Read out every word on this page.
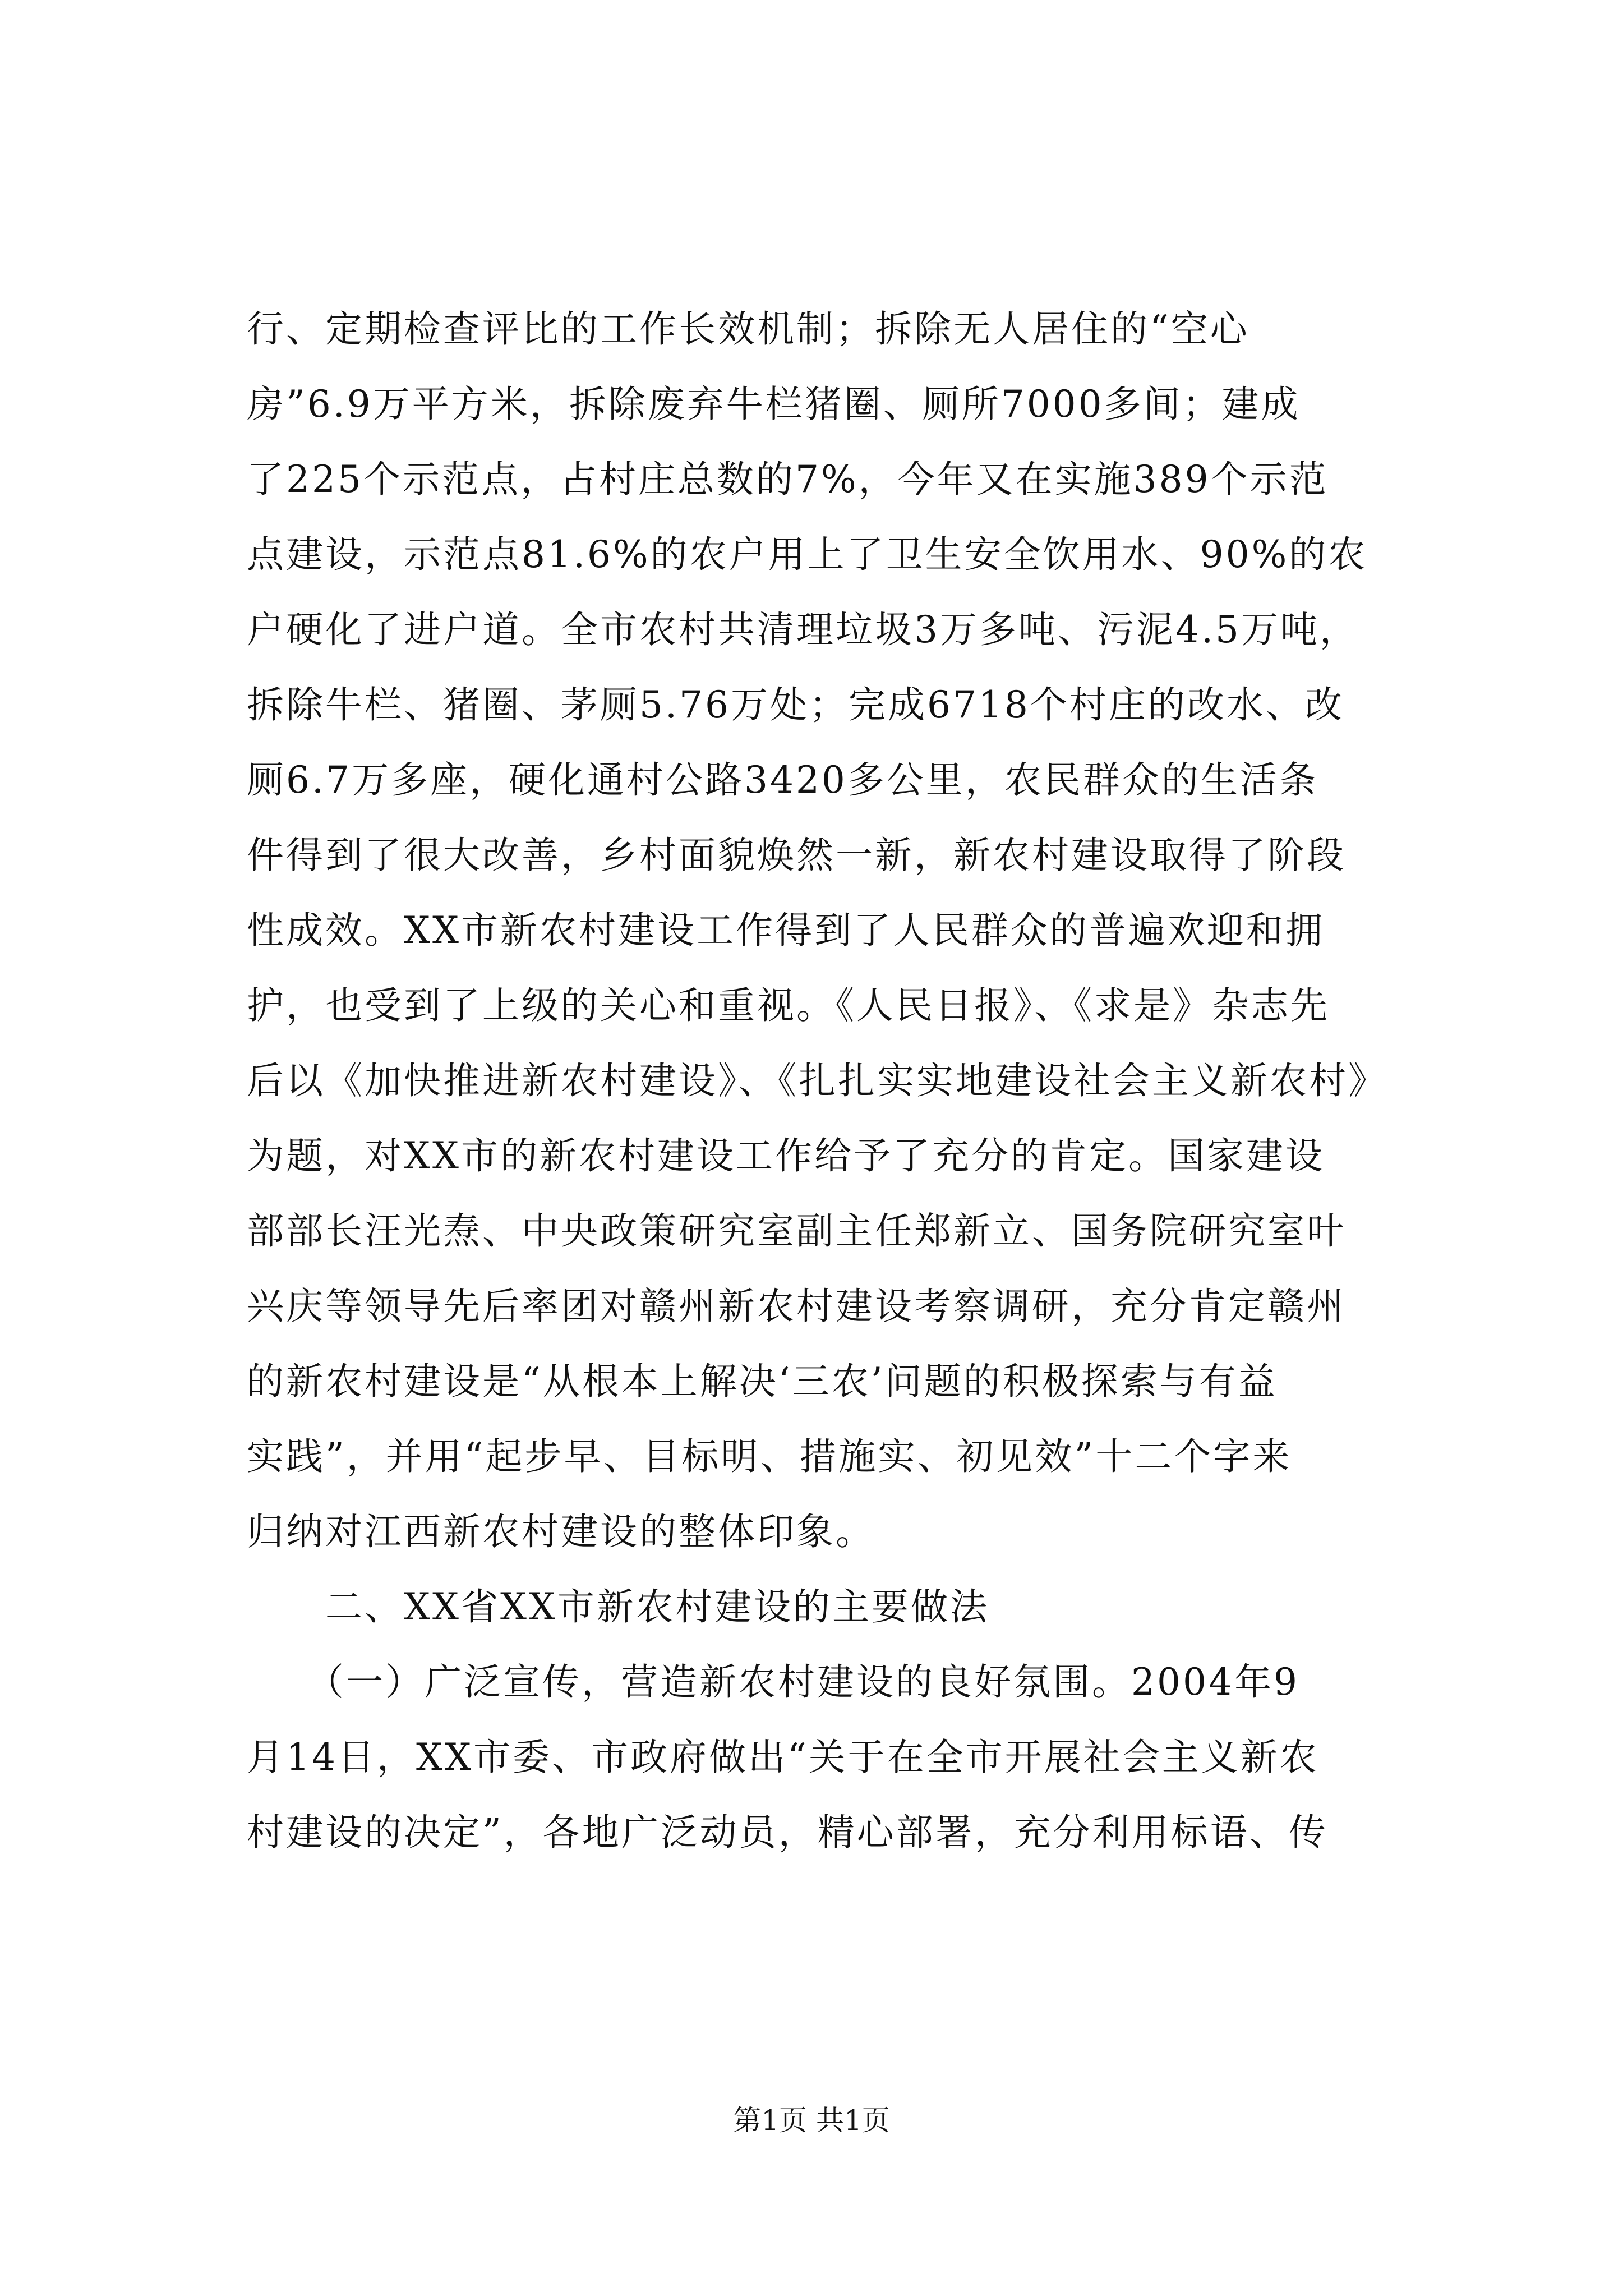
行、定期检查评比的工作长效机制；拆除无人居住的“空心
房”6.9万平方米，拆除废弃牛栏猪圈、厕所7000多间；建成
了225个示范点，占村庄总数的7%，今年又在实施389个示范
点建设，示范点81.6%的农户用上了卫生安全饮用水、90%的农
户硬化了进户道。全市农村共清理垃圾3万多吨、污泥4.5万吨，
拆除牛栏、猪圈、茅厕5.76万处；完成6718个村庄的改水、改
厕6.7万多座，硬化通村公路3420多公里，农民群众的生活条
件得到了很大改善，乡村面貌焕然一新，新农村建设取得了阶段
性成效。XX市新农村建设工作得到了人民群众的普遍欢迎和拥
护，也受到了上级的关心和重视。《人民日报》、《求是》杂志先
后以《加快推进新农村建设》、《扎扎实实地建设社会主义新农村》
为题，对XX市的新农村建设工作给予了充分的肯定。国家建设
部部长汪光焘、中央政策研究室副主任郑新立、国务院研究室叶
兴庆等领导先后率团对赣州新农村建设考察调研，充分肯定赣州
的新农村建设是“从根本上解决‘三农’问题的积极探索与有益
实践”，并用“起步早、目标明、措施实、初见效”十二个字来
归纳对江西新农村建设的整体印象。
　　二、XX省XX市新农村建设的主要做法
　　（一）广泛宣传，营造新农村建设的良好氛围。2004年9
月14日，XX市委、市政府做出“关于在全市开展社会主义新农
村建设的决定”，各地广泛动员，精心部署，充分利用标语、传
第1页 共1页
